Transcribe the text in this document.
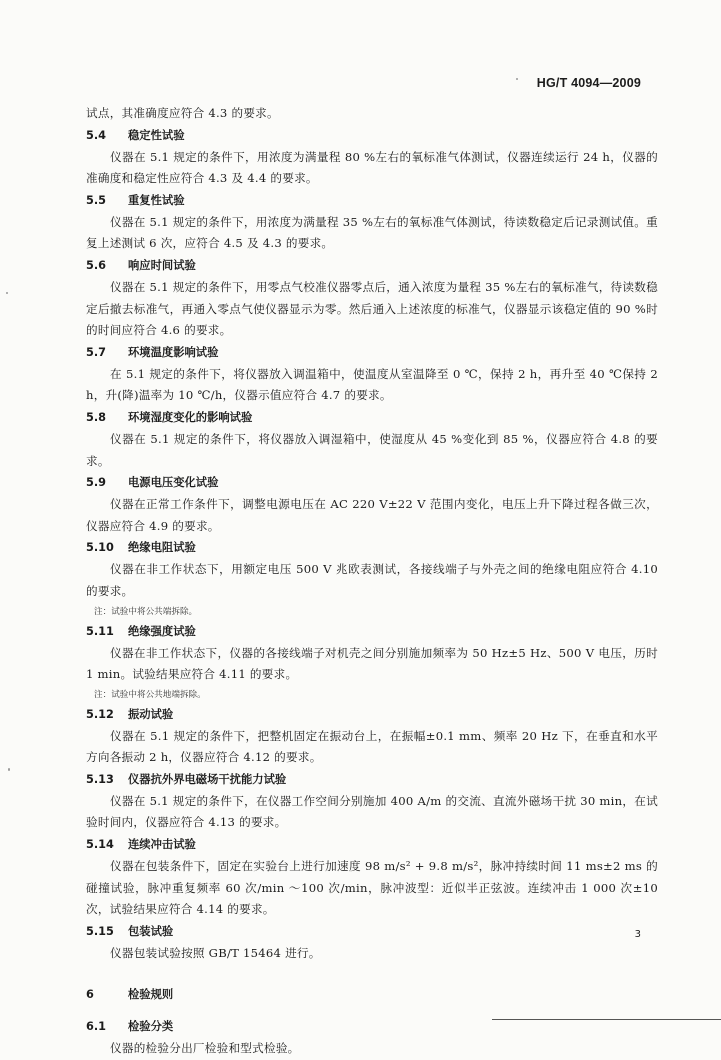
HG/T 4094—2009

试点，其准确度应符合 4.3 的要求。

5.4	稳定性试验

仪器在 5.1 规定的条件下，用浓度为满量程 80 %左右的氧标准气体测试，仪器连续运行 24 h，仪器的准确度和稳定性应符合 4.3 及 4.4 的要求。

5.5	重复性试验

仪器在 5.1 规定的条件下，用浓度为满量程 35 %左右的氧标准气体测试，待读数稳定后记录测试值。重复上述测试 6 次，应符合 4.5 及 4.3 的要求。

5.6	响应时间试验

仪器在 5.1 规定的条件下，用零点气校准仪器零点后，通入浓度为量程 35 %左右的氧标准气，待读数稳定后撤去标准气，再通入零点气使仪器显示为零。然后通入上述浓度的标准气，仪器显示该稳定值的 90 %时的时间应符合 4.6 的要求。

5.7	环境温度影响试验

在 5.1 规定的条件下，将仪器放入调温箱中，使温度从室温降至 0 ℃，保持 2 h，再升至 40 ℃保持 2 h，升(降)温率为 10 ℃/h，仪器示值应符合 4.7 的要求。

5.8	环境湿度变化的影响试验

仪器在 5.1 规定的条件下，将仪器放入调湿箱中，使湿度从 45 %变化到 85 %，仪器应符合 4.8 的要求。

5.9	电源电压变化试验

仪器在正常工作条件下，调整电源电压在 AC 220 V±22 V 范围内变化，电压上升下降过程各做三次，仪器应符合 4.9 的要求。

5.10 绝缘电阻试验

仪器在非工作状态下，用额定电压 500 V 兆欧表测试，各接线端子与外壳之间的绝缘电阻应符合 4.10 的要求。

注：试验中将公共端拆除。

5.11 绝缘强度试验

仪器在非工作状态下，仪器的各接线端子对机壳之间分别施加频率为 50 Hz±5 Hz、500 V 电压，历时 1 min。试验结果应符合 4.11 的要求。

注：试验中将公共地端拆除。

5.12 振动试验

仪器在 5.1 规定的条件下，把整机固定在振动台上，在振幅±0.1 mm、频率 20 Hz 下，在垂直和水平方向各振动 2 h，仪器应符合 4.12 的要求。

5.13 仪器抗外界电磁场干扰能力试验

仪器在 5.1 规定的条件下，在仪器工作空间分别施加 400 A/m 的交流、直流外磁场干扰 30 min，在试验时间内，仪器应符合 4.13 的要求。

5.14 连续冲击试验

仪器在包装条件下，固定在实验台上进行加速度 98 m/s² + 9.8 m/s²，脉冲持续时间 11 ms±2 ms 的碰撞试验，脉冲重复频率 60 次/min ～100 次/min，脉冲波型：近似半正弦波。连续冲击 1 000 次±10 次，试验结果应符合 4.14 的要求。

5.15 包装试验

仪器包装试验按照 GB/T 15464 进行。

6	检验规则
6.1	检验分类

仪器的检验分出厂检验和型式检验。

3
